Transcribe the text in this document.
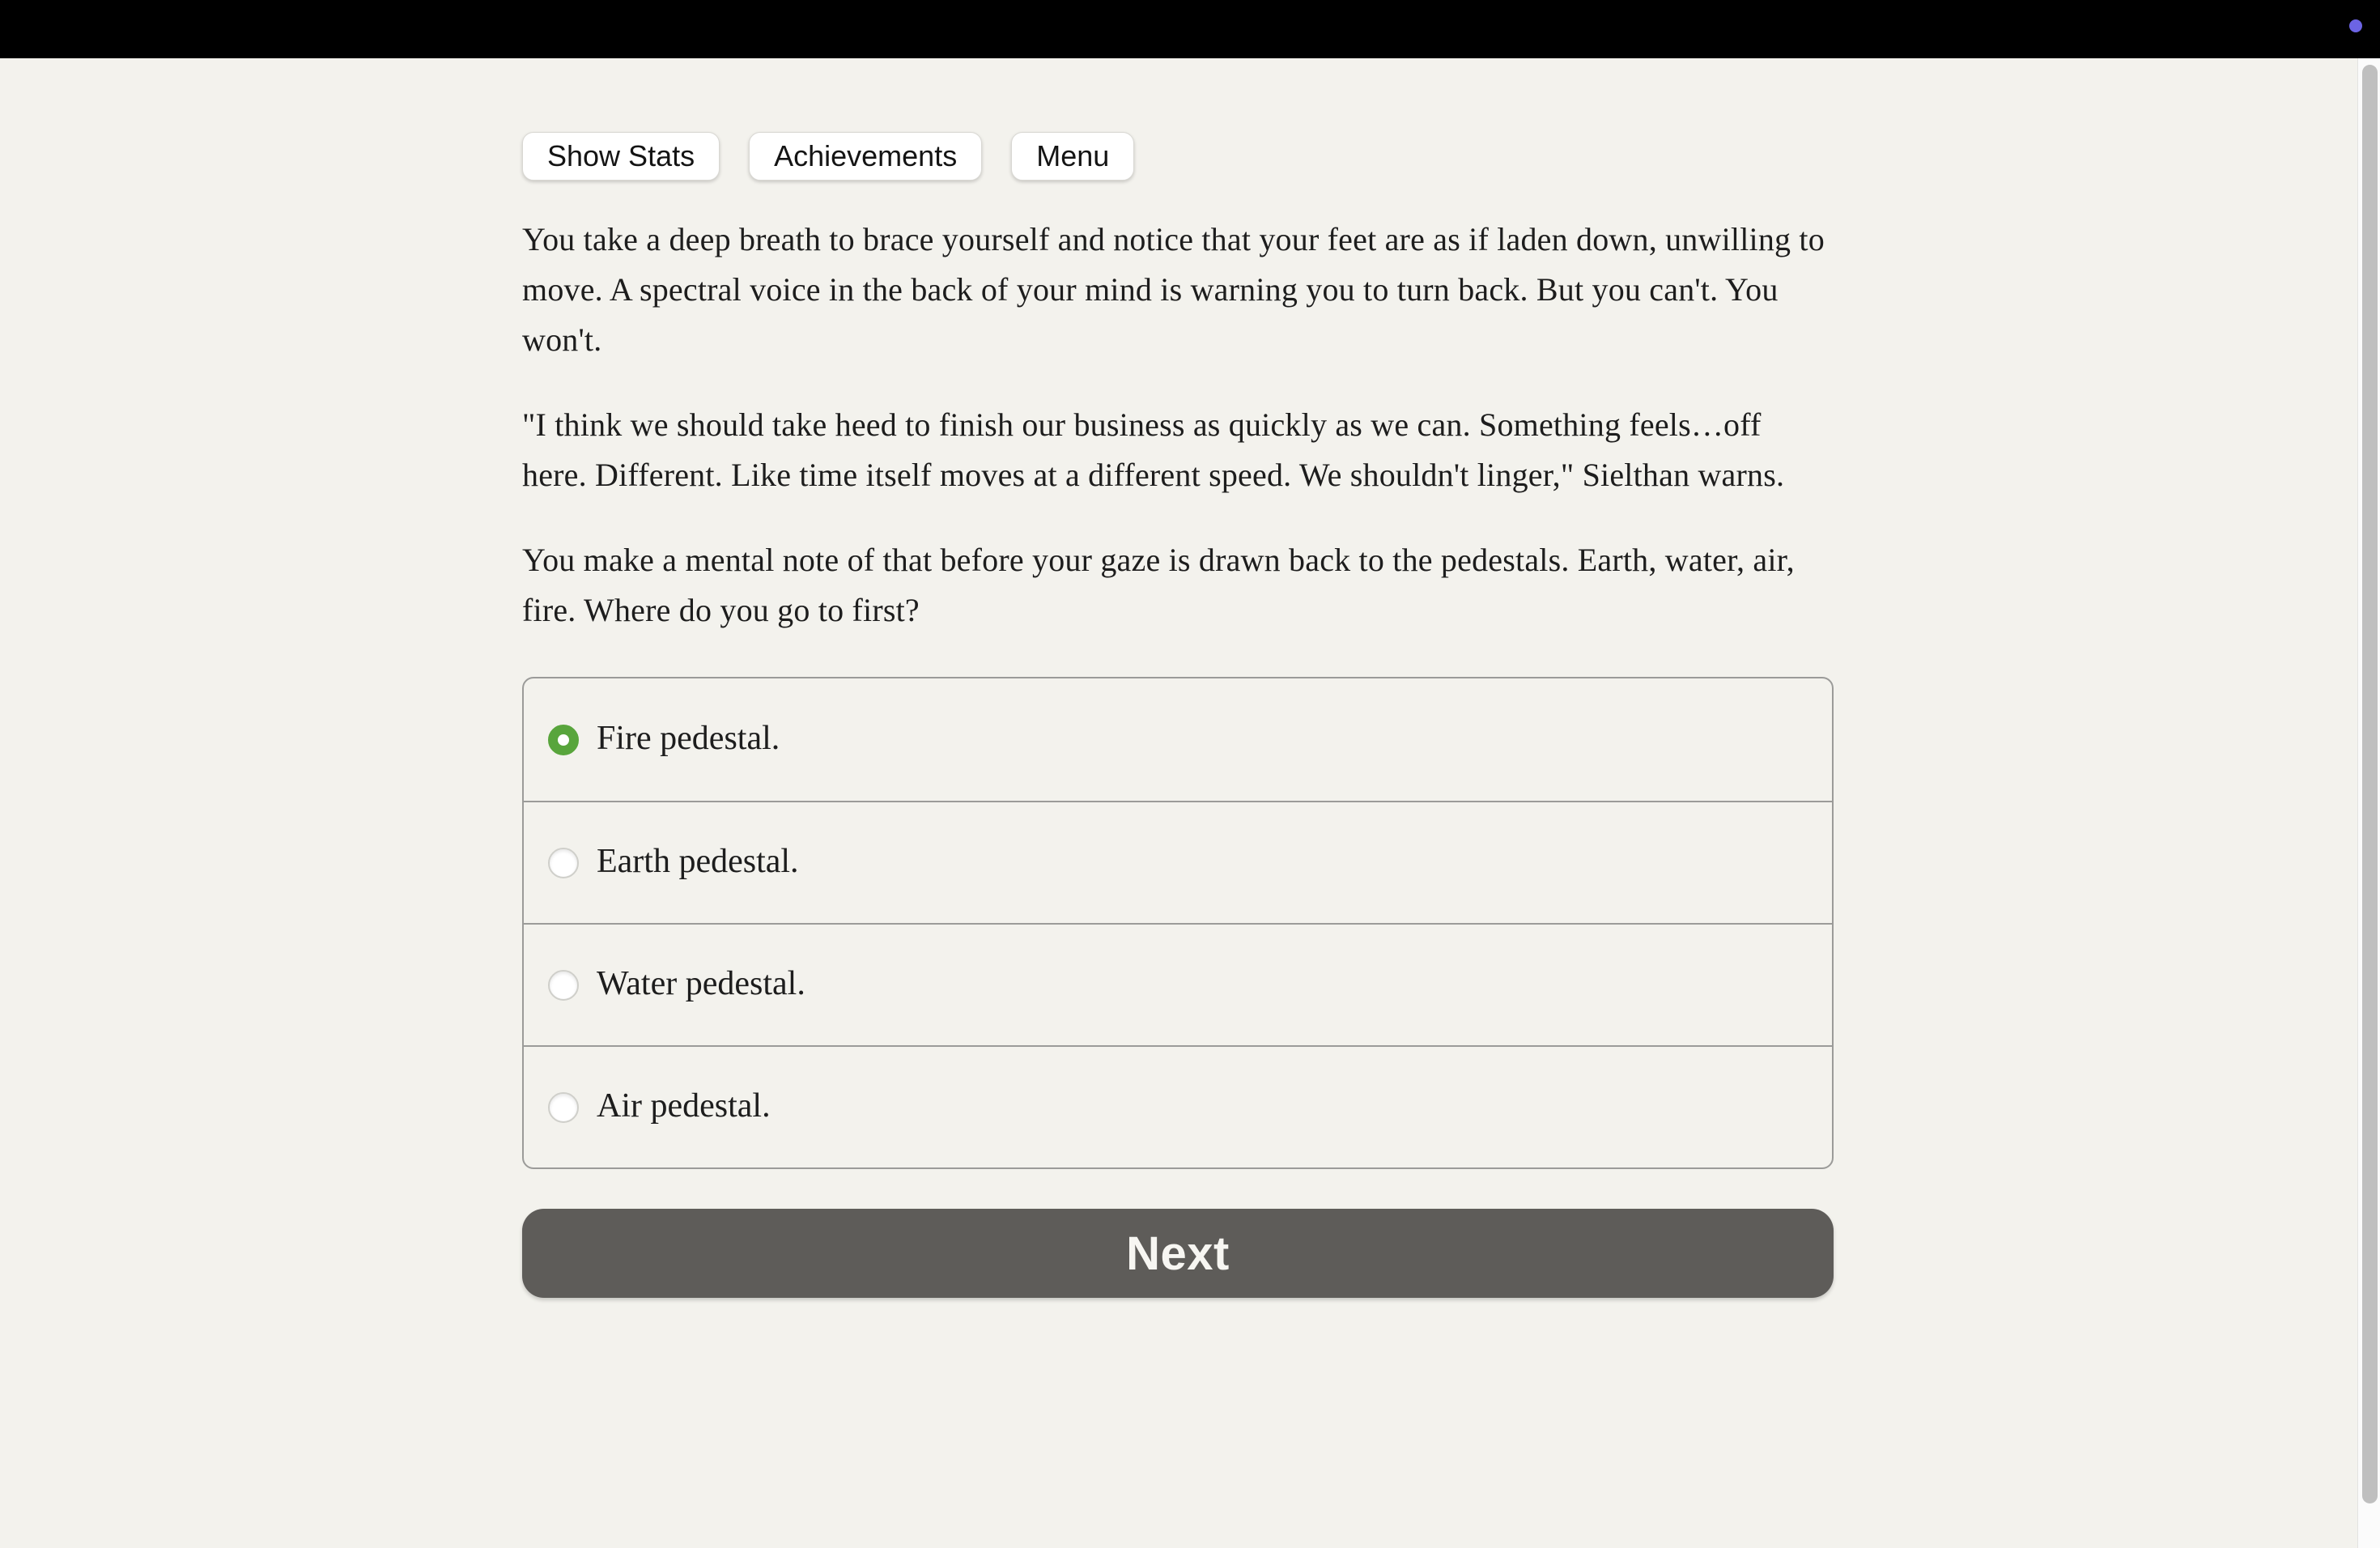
Show Stats	Achievements	Menu

You take a deep breath to brace yourself and notice that your feet are as if laden down, unwilling to move. A spectral voice in the back of your mind is warning you to turn back. But you can't. You won't.

"I think we should take heed to finish our business as quickly as we can. Something feels…off here. Different. Like time itself moves at a different speed. We shouldn't linger," Sielthan warns.

You make a mental note of that before your gaze is drawn back to the pedestals. Earth, water, air, fire. Where do you go to first?

Fire pedestal.
Earth pedestal.
Water pedestal.
Air pedestal.
Next
